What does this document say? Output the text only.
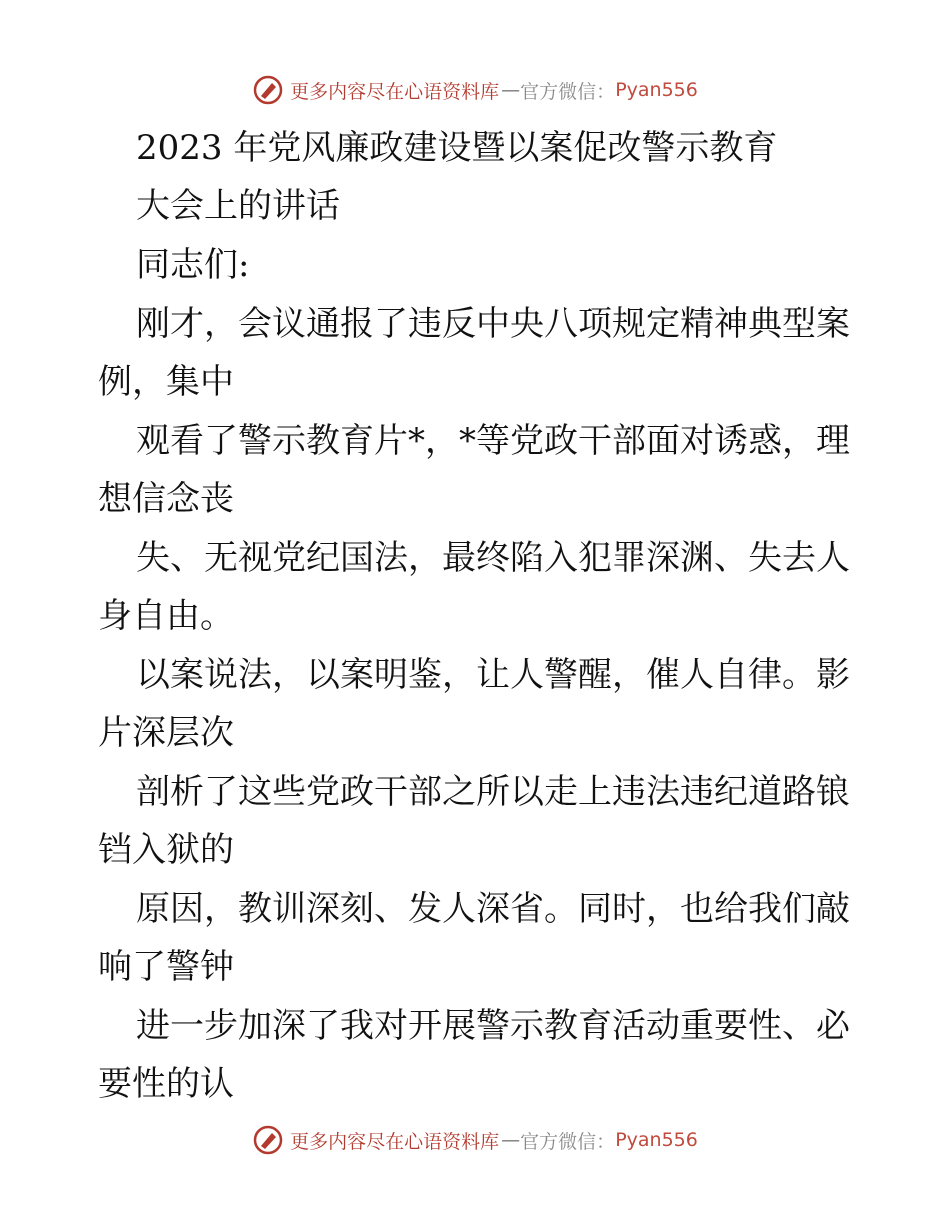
更多内容尽在心语资料库 — 官方微信： Pyan556
2023 年党风廉政建设暨以案促改警示教育
大会上的讲话
同志们:
刚才，会议通报了违反中央八项规定精神典型案
例，集中
观看了警示教育片*，*等党政干部面对诱惑，理
想信念丧
失、无视党纪国法，最终陷入犯罪深渊、失去人
身自由。
以案说法，以案明鉴，让人警醒，催人自律。影
片深层次
剖析了这些党政干部之所以走上违法违纪道路锒
铛入狱的
原因，教训深刻、发人深省。同时，也给我们敲
响了警钟
进一步加深了我对开展警示教育活动重要性、必
要性的认
更多内容尽在心语资料库 — 官方微信： Pyan556
